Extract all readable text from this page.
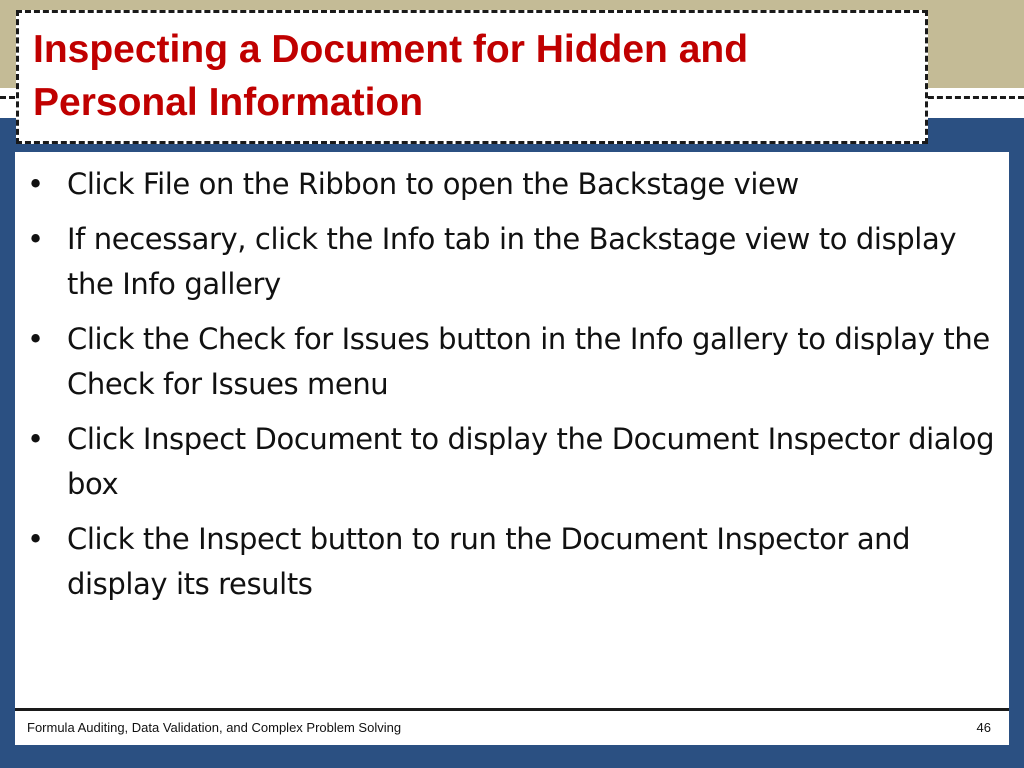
Inspecting a Document for Hidden and Personal Information
• Click File on the Ribbon to open the Backstage view
• If necessary, click the Info tab in the Backstage view to display the Info gallery
• Click the Check for Issues button in the Info gallery to display the Check for Issues menu
• Click Inspect Document to display the Document Inspector dialog box
• Click the Inspect button to run the Document Inspector and display its results
Formula Auditing, Data Validation, and Complex Problem Solving	46
